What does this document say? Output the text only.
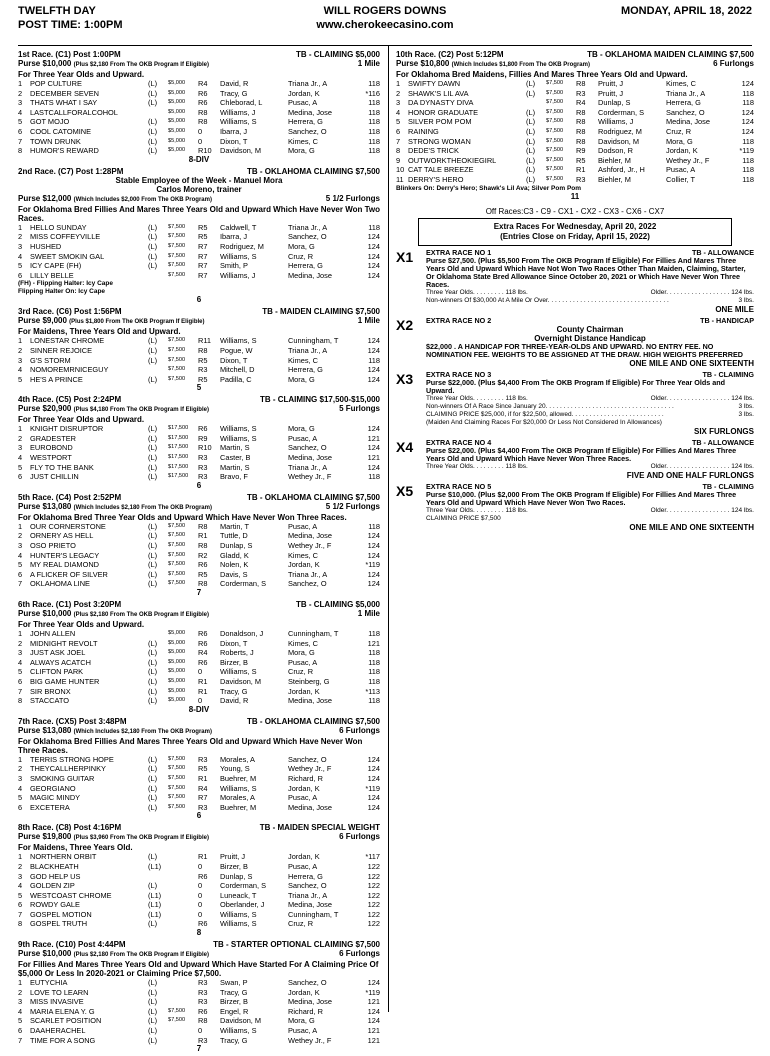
TWELFTH DAY
POST TIME: 1:00PM
WILL ROGERS DOWNS
www.cherokeecasino.com
MONDAY, APRIL 18, 2022
1st Race. (C1) Post 1:00PM	TB - CLAIMING $5,000
Purse $10,000 (Plus $2,180 From The OKB Program If Eligible)	1 Mile
For Three Year Olds and Upward.
1	POP CULTURE	(L)	$5,000	R4	David, R	Triana Jr., A	118
2	DECEMBER SEVEN	(L)	$5,000	R6	Tracy, G	Jordan, K	*116
3	THATS WHAT I SAY	(L)	$5,000	R6	Chleborad, L	Pusac, A	118
4	LASTCALLFORALCOHOL		$5,000	R8	Williams, J	Medina, Jose	118
5	GOT MOJO	(L)	$5,000	R8	Williams, S	Herrera, G	118
6	COOL CATOMINE	(L)	$5,000	0	Ibarra, J	Sanchez, O	118
7	TOWN DRUNK	(L)	$5,000	0	Dixon, T	Kimes, C	118
8	HUMOR'S REWARD	(L)	$5,000	R10	Davidson, M	Mora, G	118
8-DIV
2nd Race. (C7) Post 1:28PM	TB - OKLAHOMA CLAIMING $7,500
Stable Employee of the Week - Manuel Mora
Carlos Moreno, trainer
Purse $12,000 (Which Includes $2,000 From The OKB Program)	5 1/2 Furlongs
For Oklahoma Bred Fillies And Mares Three Years Old and Upward Which Have Never Won Two Races.
1	HELLO SUNDAY	(L)	$7,500	R5	Caldwell, T	Triana Jr., A	118
2	MISS COFFEYVILLE	(L)	$7,500	R5	Ibarra, J	Sanchez, O	124
3	HUSHED	(L)	$7,500	R7	Rodriguez, M	Mora, G	124
4	SWEET SMOKIN GAL	(L)	$7,500	R7	Williams, S	Cruz, R	124
5	ICY CAPE (FH)	(L)	$7,500	R7	Smith, P	Herrera, G	124
6	LILLY BELLE		$7,500	R7	Williams, J	Medina, Jose	124
(FH) - Flipping Halter: Icy Cape
Flipping Halter On: Icy Cape
6
3rd Race. (C6) Post 1:56PM	TB - MAIDEN CLAIMING $7,500
Purse $9,000 (Plus $1,800 From The OKB Program If Eligible)	1 Mile
For Maidens, Three Years Old and Upward.
1	LONESTAR CHROME	(L)	$7,500	R11	Williams, S	Cunningham, T	124
2	SINNER REJOICE	(L)	$7,500	R8	Pogue, W	Triana Jr., A	124
3	G'S STORM	(L)	$7,500	R5	Dixon, T	Kimes, C	118
4	NOMOREMRNICEGUY		$7,500	R3	Mitchell, D	Herrera, G	124
5	HE'S A PRINCE	(L)	$7,500	R5	Padilla, C	Mora, G	124
5
4th Race. (C5) Post 2:24PM	TB - CLAIMING $17,500-$15,000
Purse $20,900 (Plus $4,180 From The OKB Program If Eligible)	5 Furlongs
For Three Year Olds and Upward.
1	KNIGHT DISRUPTOR	(L)	$17,500	R6	Williams, S	Mora, G	124
2	GRADESTER	(L)	$17,500	R9	Williams, S	Pusac, A	121
3	EUROBOND	(L)	$17,500	R10	Martin, S	Sanchez, O	124
4	WESTPORT	(L)	$17,500	R3	Caster, B	Medina, Jose	121
5	FLY TO THE BANK	(L)	$17,500	R3	Martin, S	Triana Jr., A	124
6	JUST CHILLIN	(L)	$17,500	R3	Bravo, F	Wethey Jr., F	118
6
5th Race. (C4) Post 2:52PM	TB - OKLAHOMA CLAIMING $7,500
Purse $13,080 (Which Includes $2,180 From The OKB Program)	5 1/2 Furlongs
For Oklahoma Bred Three Year Olds and Upward Which Have Never Won Three Races.
1	OUR CORNERSTONE	(L)	$7,500	R8	Martin, T	Pusac, A	118
2	ORNERY AS HELL	(L)	$7,500	R1	Tuttle, D	Medina, Jose	124
3	OSO PRIETO	(L)	$7,500	R8	Dunlap, S	Wethey Jr., F	124
4	HUNTER'S LEGACY	(L)	$7,500	R2	Gladd, K	Kimes, C	124
5	MY REAL DIAMOND	(L)	$7,500	R6	Nolen, K	Jordan, K	*119
6	A FLICKER OF SILVER	(L)	$7,500	R5	Davis, S	Triana Jr., A	124
7	OKLAHOMA LINE	(L)	$7,500	R8	Corderman, S	Sanchez, O	124
7
6th Race. (C1) Post 3:20PM	TB - CLAIMING $5,000
Purse $10,000 (Plus $2,180 From The OKB Program If Eligible)	1 Mile
For Three Year Olds and Upward.
1	JOHN ALLEN		$5,000	R6	Donaldson, J	Cunningham, T	118
2	MIDNIGHT REVOLT	(L)	$5,000	R6	Dixon, T	Kimes, C	121
3	JUST ASK JOEL	(L)	$5,000	R4	Roberts, J	Mora, G	118
4	ALWAYS ACATCH	(L)	$5,000	R6	Birzer, B	Pusac, A	118
5	CLIFTON PARK	(L)	$5,000	0	Williams, S	Cruz, R	118
6	BIG GAME HUNTER	(L)	$5,000	R1	Davidson, M	Steinberg, G	118
7	SIR BRONX	(L)	$5,000	R1	Tracy, G	Jordan, K	*113
8	STACCATO	(L)	$5,000	0	David, R	Medina, Jose	118
8-DIV
7th Race. (CX5) Post 3:48PM	TB - OKLAHOMA CLAIMING $7,500
Purse $13,080 (Which Includes $2,180 From The OKB Program)	6 Furlongs
For Oklahoma Bred Fillies And Mares Three Years Old and Upward Which Have Never Won Three Races.
1	TERRIS STRONG HOPE	(L)	$7,500	R3	Morales, A	Sanchez, O	124
2	THEYCALLHERPINKY	(L)	$7,500	R5	Young, S	Wethey Jr., F	124
3	SMOKING GUITAR	(L)	$7,500	R1	Buehrer, M	Richard, R	124
4	GEORGIANO	(L)	$7,500	R4	Williams, S	Jordan, K	*119
5	MAGIC MINDY	(L)	$7,500	R7	Morales, A	Pusac, A	124
6	EXCETERA	(L)	$7,500	R3	Buehrer, M	Medina, Jose	124
6
8th Race. (C8) Post 4:16PM	TB - MAIDEN SPECIAL WEIGHT
Purse $19,800 (Plus $3,960 From The OKB Program If Eligible)	6 Furlongs
For Maidens, Three Years Old.
1	NORTHERN ORBIT	(L)		R1	Pruitt, J	Jordan, K	*117
2	BLACKHEATH	(L1)		0	Birzer, B	Pusac, A	122
3	GOD HELP US			R6	Dunlap, S	Herrera, G	122
4	GOLDEN ZIP	(L)		0	Corderman, S	Sanchez, O	122
5	WESTCOAST CHROME	(L1)		0	Luneack, T	Triana Jr., A	122
6	ROWDY GALE	(L1)		0	Oberlander, J	Medina, Jose	122
7	GOSPEL MOTION	(L1)		0	Williams, S	Cunningham, T	122
8	GOSPEL TRUTH	(L)		R6	Williams, S	Cruz, R	122
8
9th Race. (C10) Post 4:44PM	TB - STARTER OPTIONAL CLAIMING $7,500
Purse $10,000 (Plus $2,180 From The OKB Program If Eligible)	6 Furlongs
For Fillies And Mares Three Years Old and Upward Which Have Started For A Claiming Price Of $5,000 Or Less In 2020-2021 or Claiming Price $7,500.
1	EUTYCHIA	(L)		R3	Swan, P	Sanchez, O	124
2	LOVE TO LEARN	(L)		R3	Tracy, G	Jordan, K	*119
3	MISS INVASIVE	(L)		R3	Birzer, B	Medina, Jose	121
4	MARIA ELENA Y. G	(L)	$7,500	R6	Engel, R	Richard, R	124
5	SCARLET POSITION	(L)	$7,500	R8	Davidson, M	Mora, G	124
6	DAAHERACHEL	(L)		0	Williams, S	Pusac, A	121
7	TIME FOR A SONG	(L)		R3	Tracy, G	Wethey Jr., F	121
7
10th Race. (C2) Post 5:12PM	TB - OKLAHOMA MAIDEN CLAIMING $7,500
Purse $10,800 (Which Includes $1,800 From The OKB Program)	6 Furlongs
For Oklahoma Bred Maidens, Fillies And Mares Three Years Old and Upward.
1	SWIFTY DAWN	(L)	$7,500	R8	Pruitt, J	Kimes, C	124
2	SHAWK'S LIL AVA	(L)	$7,500	R3	Pruitt, J	Triana Jr., A	118
3	DA DYNASTY DIVA		$7,500	R4	Dunlap, S	Herrera, G	118
4	HONOR GRADUATE	(L)	$7,500	R8	Corderman, S	Sanchez, O	124
5	SILVER POM POM	(L)	$7,500	R8	Williams, J	Medina, Jose	124
6	RAINING	(L)	$7,500	R8	Rodriguez, M	Cruz, R	124
7	STRONG WOMAN	(L)	$7,500	R8	Davidson, M	Mora, G	118
8	DEDE'S TRICK	(L)	$7,500	R9	Dodson, R	Jordan, K	*119
9	OUTWORKTHEOKIEGIRL	(L)	$7,500	R5	Biehler, M	Wethey Jr., F	118
10	CAT TALE BREEZE	(L)	$7,500	R1	Ashford, Jr., H	Pusac, A	118
11	DERRY'S HERO	(L)	$7,500	R3	Biehler, M	Collier, T	118
Blinkers On: Derry's Hero; Shawk's Lil Ava; Silver Pom Pom
11
Off Races:C3 - C9 - CX1 - CX2 - CX3 - CX6 - CX7
Extra Races For Wednesday, April 20, 2022
(Entries Close on Friday, April 15, 2022)
X1 EXTRA RACE NO 1	TB - ALLOWANCE
Purse $27,500. (Plus $5,500 From The OKB Program If Eligible) For Fillies And Mares Three Years Old and Upward Which Have Not Won Two Races Other Than Maiden, Claiming, Starter, Or Oklahoma State Bred Allowance Since October 20, 2021 or Which Have Never Won Three Races.
Three Year Olds. . . . . . . . . 118 lbs.	Older. . . . . . . . . . . . . . . . . . 124 lbs.
Non-winners Of $30,000 At A Mile Or Over. . . . . . . . . . . . . . . . . . . . . . . . . . . . . . . . . .	3 lbs.
ONE MILE
X2 EXTRA RACE NO 2	TB - HANDICAP
County Chairman
Overnight Distance Handicap
$22,000 . A HANDICAP FOR THREE-YEAR-OLDS AND UPWARD. NO ENTRY FEE. NO NOMINATION FEE. WEIGHTS TO BE ASSIGNED AT THE DRAW. HIGH WEIGHTS PREFERRED
ONE MILE AND ONE SIXTEENTH
X3 EXTRA RACE NO 3	TB - CLAIMING
Purse $22,000. (Plus $4,400 From The OKB Program If Eligible) For Three Year Olds and Upward.
Three Year Olds. . . . . . . . . 118 lbs.	Older. . . . . . . . . . . . . . . . . . 124 lbs.
Non-winners Of A Race Since January 20. . . . . . . . . . . . . . . . . . . . . . . . . . . . . . . . . . . .	3 lbs.
CLAIMING PRICE $25,000, if for $22,500, allowed. . . . . . . . . . . . . . . . . . . . . . . . . .	3 lbs.
(Maiden And Claiming Races For $20,000 Or Less Not Considered In Allowances)
SIX FURLONGS
X4 EXTRA RACE NO 4	TB - ALLOWANCE
Purse $22,000. (Plus $4,400 From The OKB Program If Eligible) For Fillies And Mares Three Years Old and Upward Which Have Never Won Three Races.
Three Year Olds. . . . . . . . . 118 lbs.	Older. . . . . . . . . . . . . . . . . . 124 lbs.
FIVE AND ONE HALF FURLONGS
X5 EXTRA RACE NO 5	TB - CLAIMING
Purse $10,000. (Plus $2,000 From The OKB Program If Eligible) For Fillies And Mares Three Years Old and Upward Which Have Never Won Two Races.
Three Year Olds. . . . . . . . . 118 lbs.	Older. . . . . . . . . . . . . . . . . . 124 lbs.
CLAIMING PRICE $7,500
ONE MILE AND ONE SIXTEENTH
